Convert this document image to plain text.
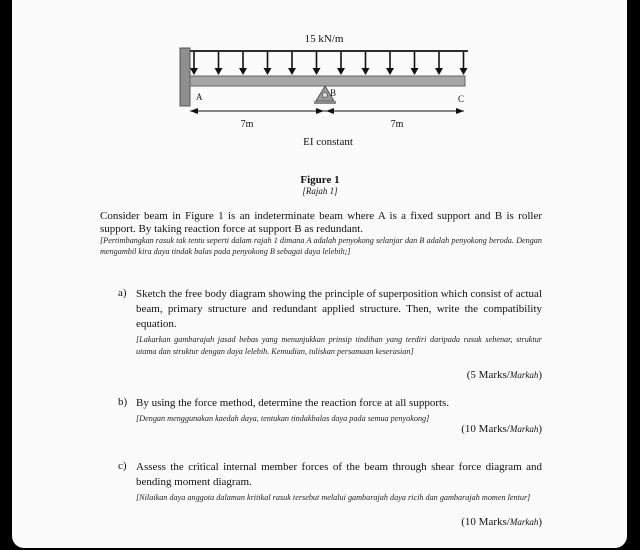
15 kN/m
A	C
B
7m	7m
EI constant
Figure 1
[Rajah 1]
Consider beam in Figure 1 is an indeterminate beam where A is a fixed support and B is roller support. By taking reaction force at support B as redundant.
[Pertimbangkan rasuk tak tentu seperti dalam rajah 1 dimana A adalah penyokong selanjar dan B adalah penyokong beroda. Dengan mengambil kira daya tindak balas pada penyokong B sebagai daya lelebih;]
a) Sketch the free body diagram showing the principle of superposition which consist of actual beam, primary structure and redundant applied structure. Then, write the compatibility equation.
[Lakarkan gambarajah jasad bebas yang menunjukkan prinsip tindihan yang terdiri daripada rasuk sebenar, struktur utama dan struktur dengan daya lelebih. Kemudian, tuliskan persamaan keserasian]
(5 Marks/Markah)
b) By using the force method, determine the reaction force at all supports.
[Dengan menggunakan kaedah daya, tentukan tindakbalas daya pada semua penyokong]
(10 Marks/Markah)
c) Assess the critical internal member forces of the beam through shear force diagram and bending moment diagram.
[Nilaikan daya anggota dalaman kritikal rasuk tersebut melalui gambarajah daya ricih dan gambarajah momen lentur]
(10 Marks/Markah)
